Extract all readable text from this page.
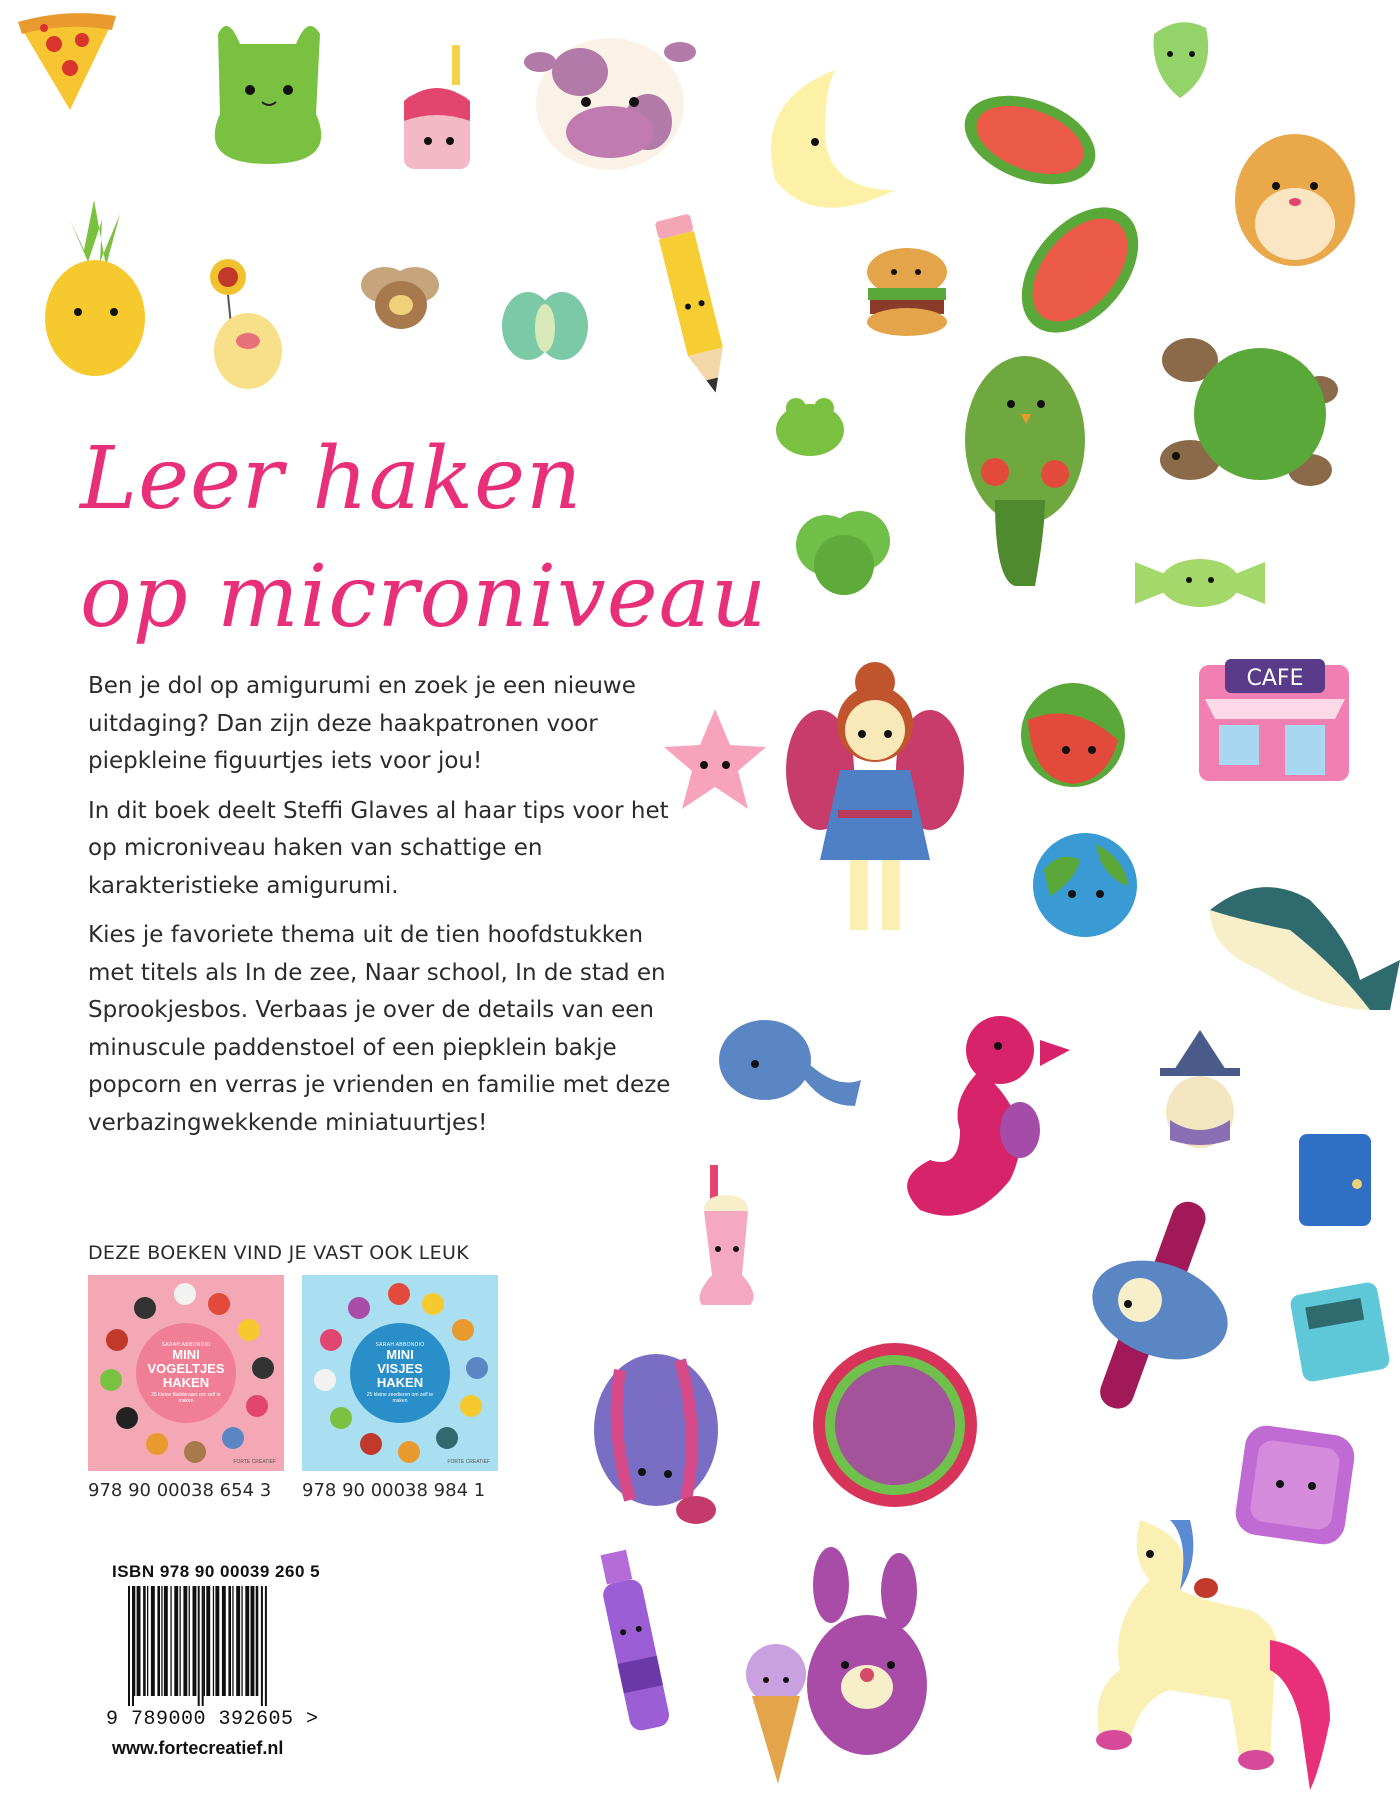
CAFE
Leer haken
op microniveau

Ben je dol op amigurumi en zoek je een nieuwe uitdaging? Dan zijn deze haakpatronen voor piepkleine figuurtjes iets voor jou!

In dit boek deelt Steffi Glaves al haar tips voor het op microniveau haken van schattige en karakteristieke amigurumi.

Kies je favoriete thema uit de tien hoofdstukken met titels als In de zee, Naar school, In de stad en Sprookjesbos. Verbaas je over de details van een minuscule paddenstoel of een piepklein bakje popcorn en verras je vrienden en familie met deze verbazingwekkende miniatuurtjes!

DEZE BOEKEN VIND JE VAST OOK LEUK
SARAH ABBONDIO
MINI
VOGELTJES
HAKEN
25 kleine fladderaars om zelf te maken
FORTE CREATIEF
SARAH ABBONDIO
MINI
VISJES
HAKEN
25 kleine zeedieren om zelf te maken
FORTE CREATIEF
978 90 00038 654 3 978 90 00038 984 1
ISBN 978 90 00039 260 5
9 789000 392605 >
www.fortecreatief.nl
